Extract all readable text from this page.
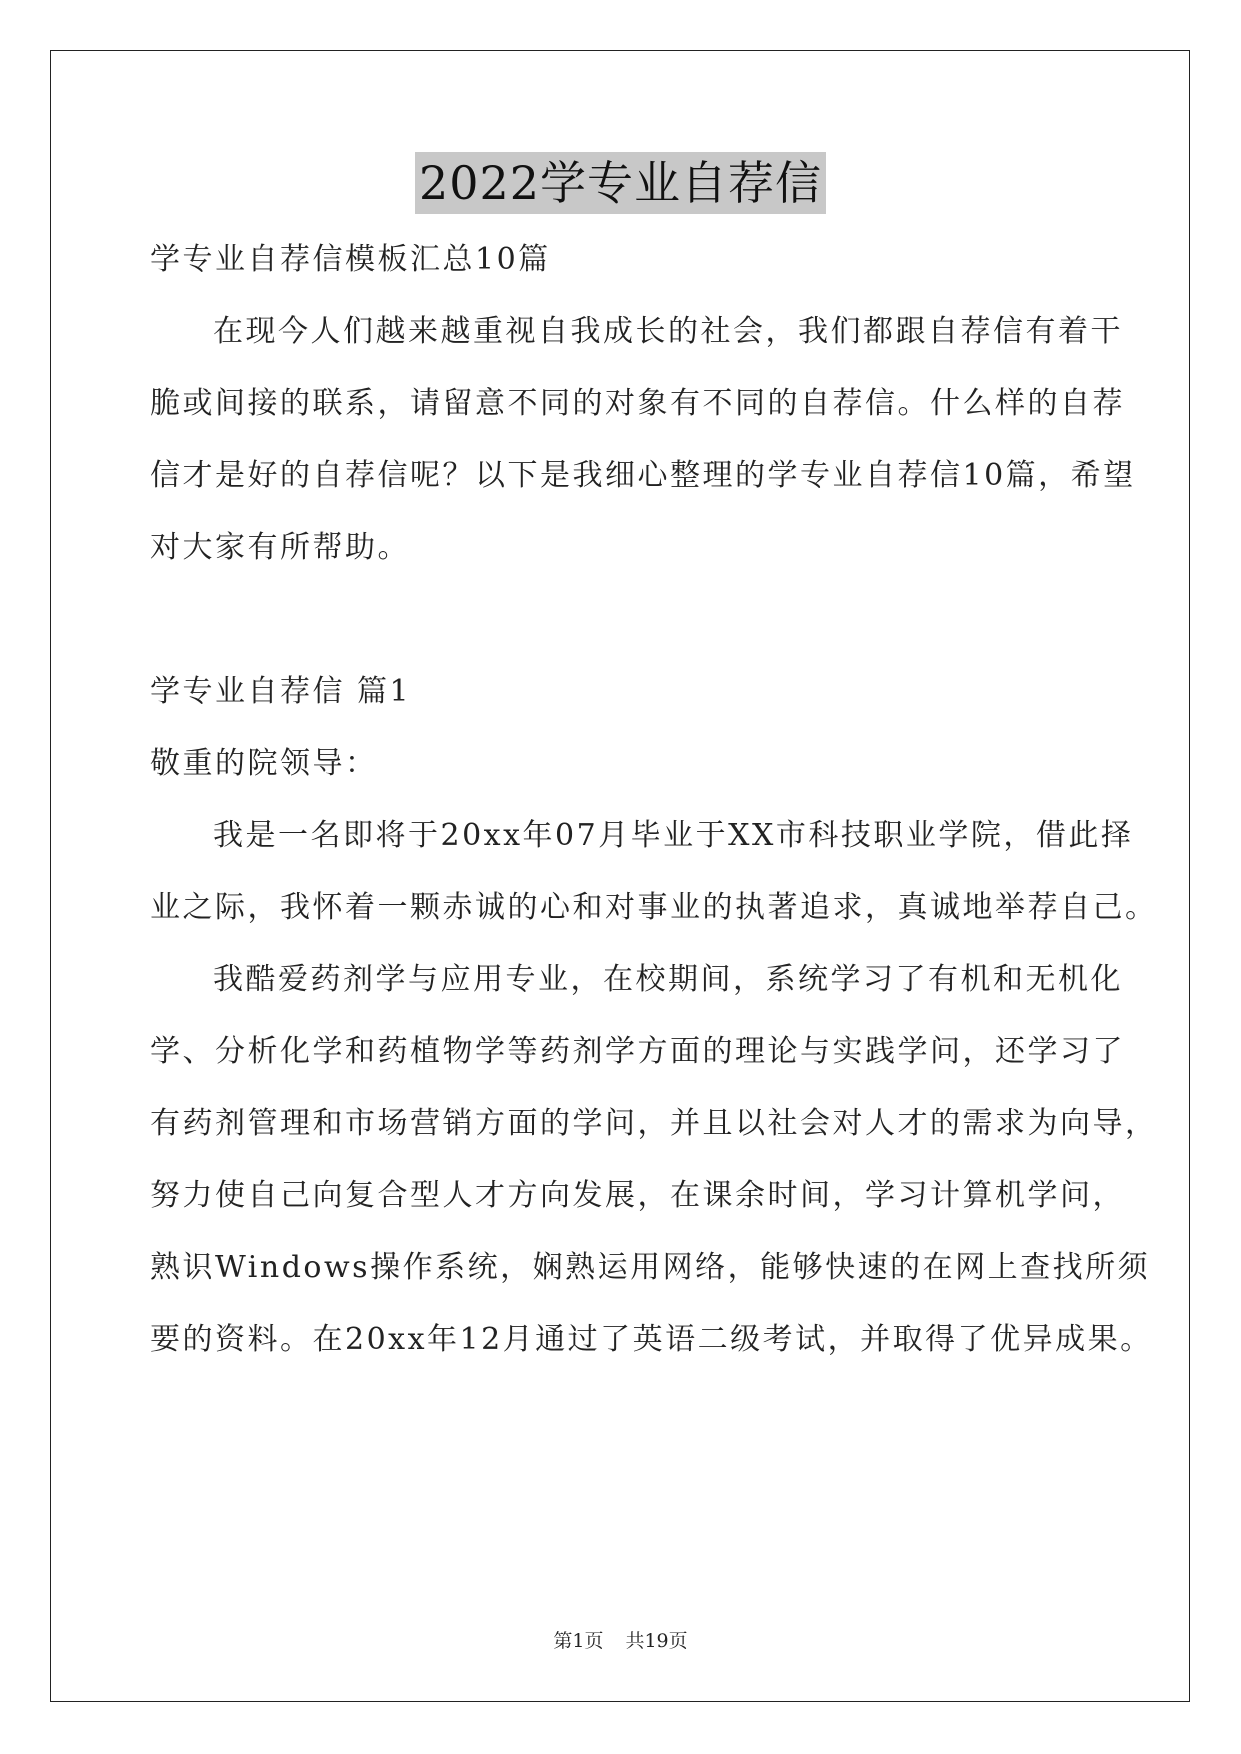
2022学专业自荐信
学专业自荐信模板汇总10篇
在现今人们越来越重视自我成长的社会，我们都跟自荐信有着干
脆或间接的联系，请留意不同的对象有不同的自荐信。什么样的自荐
信才是好的自荐信呢？以下是我细心整理的学专业自荐信10篇，希望
对大家有所帮助。
学专业自荐信 篇1
敬重的院领导：
我是一名即将于20xx年07月毕业于XX市科技职业学院，借此择
业之际，我怀着一颗赤诚的心和对事业的执著追求，真诚地举荐自己。
我酷爱药剂学与应用专业，在校期间，系统学习了有机和无机化
学、分析化学和药植物学等药剂学方面的理论与实践学问，还学习了
有药剂管理和市场营销方面的学问，并且以社会对人才的需求为向导，
努力使自己向复合型人才方向发展，在课余时间，学习计算机学问，
熟识Windows操作系统，娴熟运用网络，能够快速的在网上查找所须
要的资料。在20xx年12月通过了英语二级考试，并取得了优异成果。
第1页 共19页
